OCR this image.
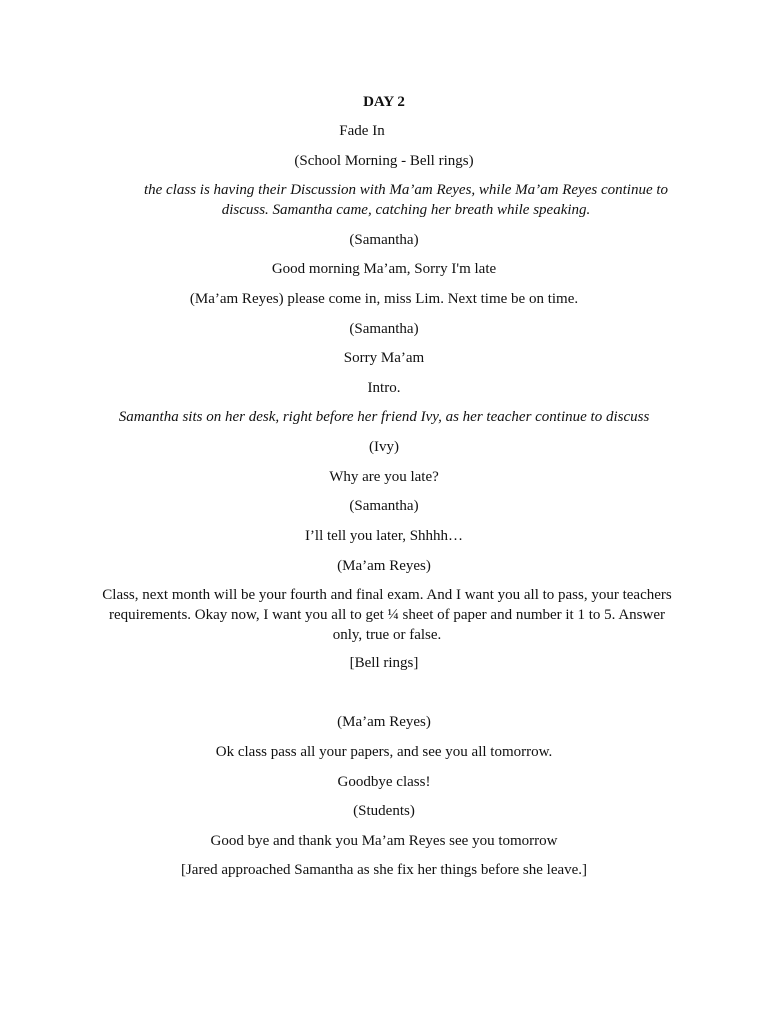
DAY 2
Fade In
(School Morning - Bell rings)
the class is having their Discussion with Ma’am Reyes, while Ma’am Reyes continue to discuss. Samantha came, catching her breath while speaking.
(Samantha)
Good morning Ma’am, Sorry I'm late
(Ma’am Reyes) please come in, miss Lim. Next time be on time.
(Samantha)
Sorry Ma’am
Intro.
Samantha sits on her desk, right before her friend Ivy, as her teacher continue to discuss
(Ivy)
Why are you late?
(Samantha)
I’ll tell you later, Shhhh…
(Ma’am Reyes)
Class, next month will be your fourth and final exam. And I want you all to pass, your teachers requirements. Okay now, I want you all to get ¼ sheet of paper and number it 1 to 5. Answer only, true or false.
[Bell rings]
(Ma’am Reyes)
Ok class pass all your papers, and see you all tomorrow.
Goodbye class!
(Students)
Good bye and thank you Ma’am Reyes see you tomorrow
[Jared approached Samantha as she fix her things before she leave.]
